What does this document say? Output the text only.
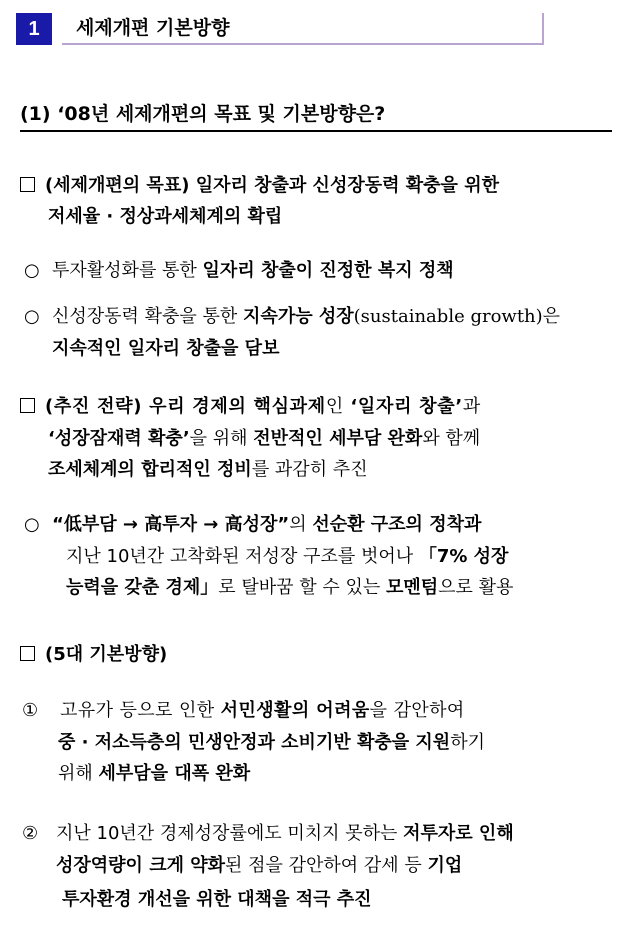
1	세제개편 기본방향
(1) ‘08년 세제개편의 목표 및 기본방향은?
(세제개편의 목표) 일자리 창출과 신성장동력 확충을 위한
저세율 · 정상과세체계의 확립
○ 투자활성화를 통한 일자리 창출이 진정한 복지 정책
○ 신성장동력 확충을 통한 지속가능 성장(sustainable growth)은
지속적인 일자리 창출을 담보
(추진 전략) 우리 경제의 핵심과제인 ‘일자리 창출’과
‘성장잠재력 확충’을 위해 전반적인 세부담 완화와 함께
조세체계의 합리적인 정비를 과감히 추진
○ “低부담 → 高투자 → 高성장”의 선순환 구조의 정착과
지난 10년간 고착화된 저성장 구조를 벗어나 「7% 성장
능력을 갖춘 경제」로 탈바꿈 할 수 있는 모멘텀으로 활용
(5대 기본방향)
① 고유가 등으로 인한 서민생활의 어려움을 감안하여
중 · 저소득층의 민생안정과 소비기반 확충을 지원하기
위해 세부담을 대폭 완화
② 지난 10년간 경제성장률에도 미치지 못하는 저투자로 인해
성장역량이 크게 약화된 점을 감안하여 감세 등 기업
투자환경 개선을 위한 대책을 적극 추진
